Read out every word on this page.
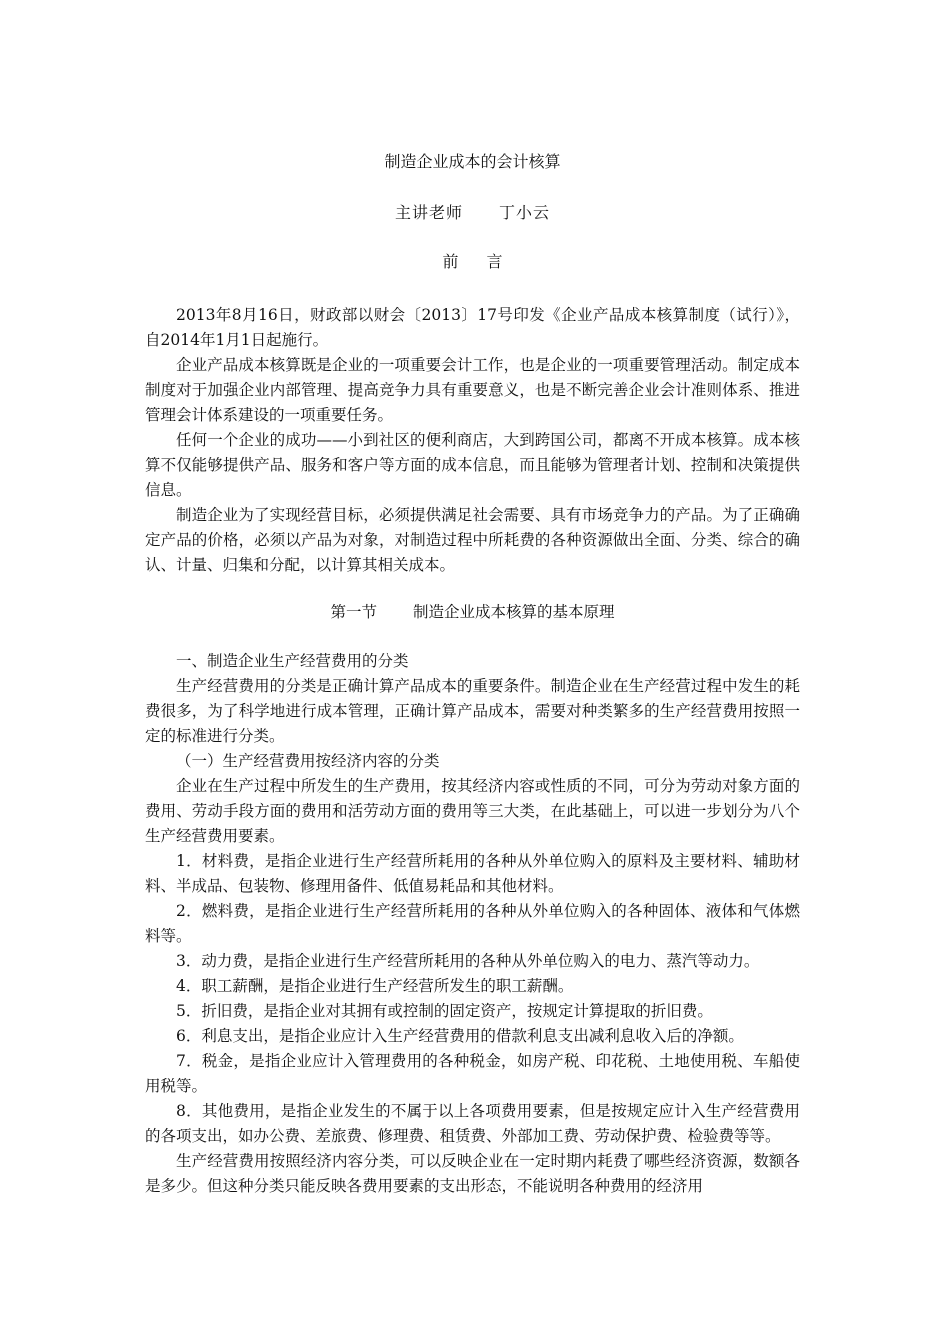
制造企业成本的会计核算
主讲老师 丁小云
前 言

2013年8月16日，财政部以财会〔2013〕17号印发《企业产品成本核算制度（试行）》，自2014年1月1日起施行。

企业产品成本核算既是企业的一项重要会计工作，也是企业的一项重要管理活动。制定成本制度对于加强企业内部管理、提高竞争力具有重要意义，也是不断完善企业会计准则体系、推进管理会计体系建设的一项重要任务。

任何一个企业的成功——小到社区的便利商店，大到跨国公司，都离不开成本核算。成本核算不仅能够提供产品、服务和客户等方面的成本信息，而且能够为管理者计划、控制和决策提供信息。

制造企业为了实现经营目标，必须提供满足社会需要、具有市场竞争力的产品。为了正确确定产品的价格，必须以产品为对象，对制造过程中所耗费的各种资源做出全面、分类、综合的确认、计量、归集和分配，以计算其相关成本。

第一节 制造企业成本核算的基本原理

一、制造企业生产经营费用的分类

生产经营费用的分类是正确计算产品成本的重要条件。制造企业在生产经营过程中发生的耗费很多，为了科学地进行成本管理，正确计算产品成本，需要对种类繁多的生产经营费用按照一定的标准进行分类。

（一）生产经营费用按经济内容的分类

企业在生产过程中所发生的生产费用，按其经济内容或性质的不同，可分为劳动对象方面的费用、劳动手段方面的费用和活劳动方面的费用等三大类，在此基础上，可以进一步划分为八个生产经营费用要素。

1．材料费，是指企业进行生产经营所耗用的各种从外单位购入的原料及主要材料、辅助材料、半成品、包装物、修理用备件、低值易耗品和其他材料。

2．燃料费，是指企业进行生产经营所耗用的各种从外单位购入的各种固体、液体和气体燃料等。

3．动力费，是指企业进行生产经营所耗用的各种从外单位购入的电力、蒸汽等动力。

4．职工薪酬，是指企业进行生产经营所发生的职工薪酬。

5．折旧费，是指企业对其拥有或控制的固定资产，按规定计算提取的折旧费。

6．利息支出，是指企业应计入生产经营费用的借款利息支出减利息收入后的净额。

7．税金，是指企业应计入管理费用的各种税金，如房产税、印花税、土地使用税、车船使用税等。

8．其他费用，是指企业发生的不属于以上各项费用要素，但是按规定应计入生产经营费用的各项支出，如办公费、差旅费、修理费、租赁费、外部加工费、劳动保护费、检验费等等。

生产经营费用按照经济内容分类，可以反映企业在一定时期内耗费了哪些经济资源，数额各是多少。但这种分类只能反映各费用要素的支出形态，不能说明各种费用的经济用
